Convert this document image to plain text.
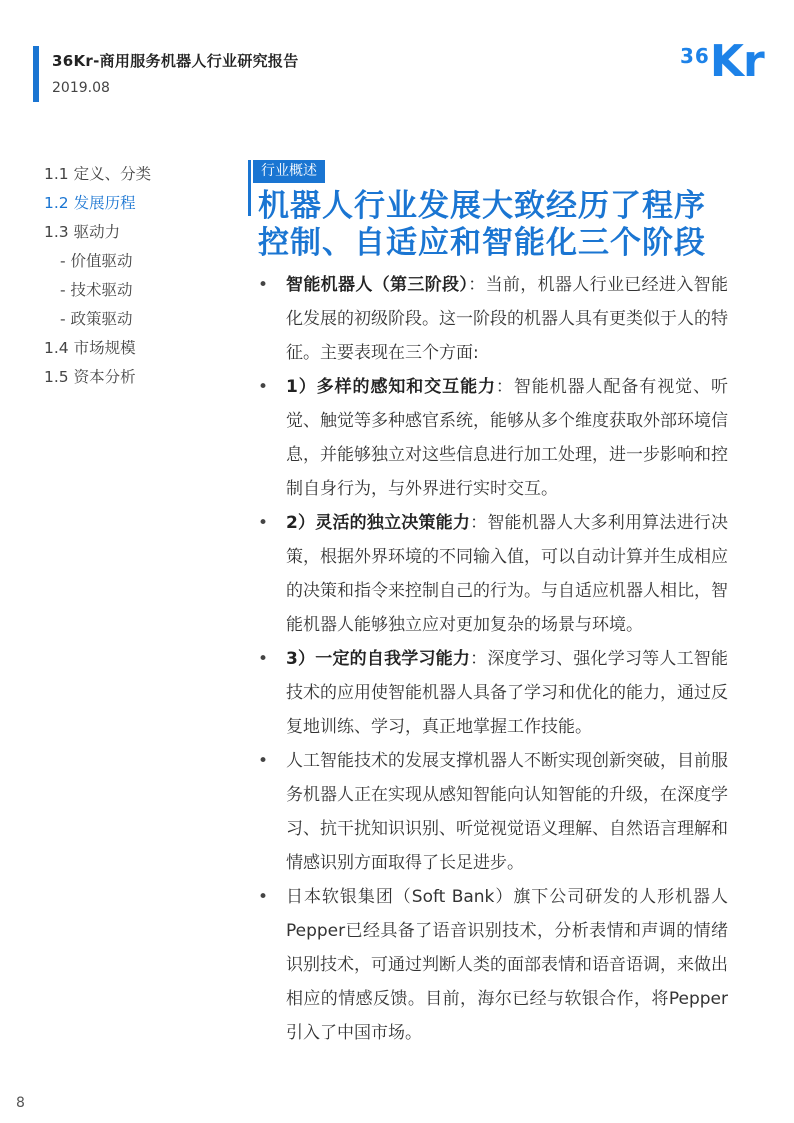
36Kr-商用服务机器人行业研究报告
2019.08
36Kr
1.1 定义、分类
1.2 发展历程
1.3 驱动力
- 价值驱动
- 技术驱动
- 政策驱动
1.4 市场规模
1.5 资本分析
行业概述
机器人行业发展大致经历了程序
控制、自适应和智能化三个阶段
• 智能机器人（第三阶段）：当前，机器人行业已经进入智能化发展的初级阶段。这一阶段的机器人具有更类似于人的特征。主要表现在三个方面:
• 1）多样的感知和交互能力：智能机器人配备有视觉、听觉、触觉等多种感官系统，能够从多个维度获取外部环境信息，并能够独立对这些信息进行加工处理，进一步影响和控制自身行为，与外界进行实时交互。
• 2）灵活的独立决策能力：智能机器人大多利用算法进行决策，根据外界环境的不同输入值，可以自动计算并生成相应的决策和指令来控制自己的行为。与自适应机器人相比，智能机器人能够独立应对更加复杂的场景与环境。
• 3）一定的自我学习能力：深度学习、强化学习等人工智能技术的应用使智能机器人具备了学习和优化的能力，通过反复地训练、学习，真正地掌握工作技能。
• 人工智能技术的发展支撑机器人不断实现创新突破，目前服务机器人正在实现从感知智能向认知智能的升级，在深度学习、抗干扰知识识别、听觉视觉语义理解、自然语言理解和情感识别方面取得了长足进步。
• 日本软银集团（Soft Bank）旗下公司研发的人形机器人Pepper已经具备了语音识别技术，分析表情和声调的情绪识别技术，可通过判断人类的面部表情和语音语调，来做出相应的情感反馈。目前，海尔已经与软银合作，将Pepper引入了中国市场。
8
